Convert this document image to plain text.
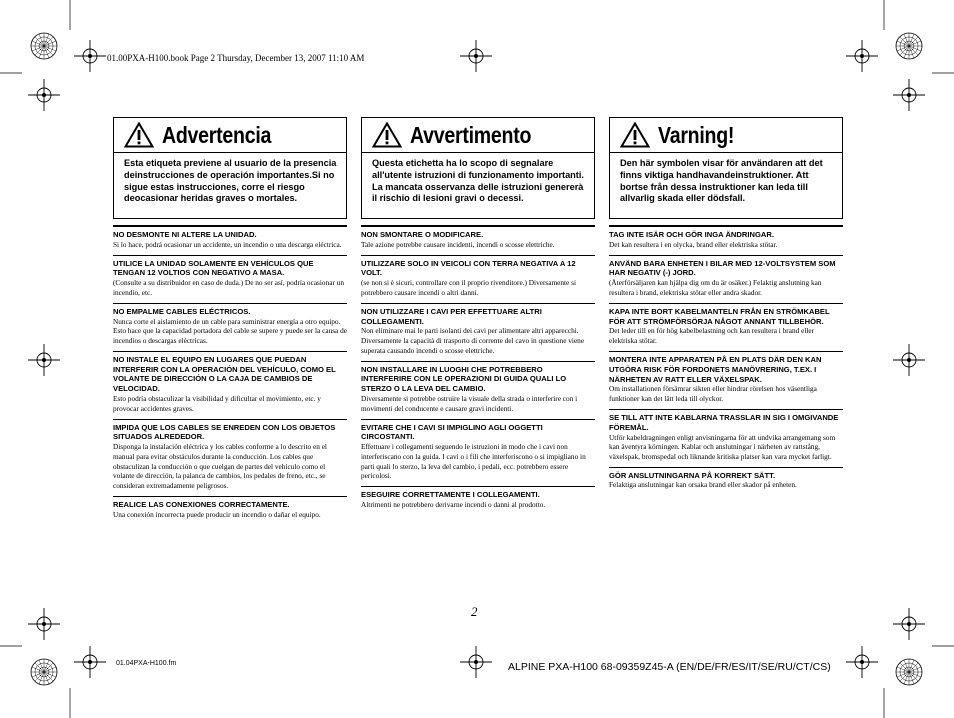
01.00PXA-H100.book Page 2 Thursday, December 13, 2007 11:10 AM
Advertencia
Esta etiqueta previene al usuario de la presencia deinstrucciones de operación importantes.Si no sigue estas instrucciones, corre el riesgo deocasionar heridas graves o mortales.
NO DESMONTE NI ALTERE LA UNIDAD.
Si lo hace, podrá ocasionar un accidente, un incendio o una descarga eléctrica.
UTILICE LA UNIDAD SOLAMENTE EN VEHÍCULOS QUE TENGAN 12 VOLTIOS CON NEGATIVO A MASA.
(Consulte a su distribuidor en caso de duda.) De no ser así, podría ocasionar un incendio, etc.
NO EMPALME CABLES ELÉCTRICOS.
Nunca corte el aislamiento de un cable para suministrar energía a otro equipo. Esto hace que la capacidad portadora del cable se supere y puede ser la causa de incendios o descargas eléctricas.
NO INSTALE EL EQUIPO EN LUGARES QUE PUEDAN INTERFERIR CON LA OPERACIÓN DEL VEHÍCULO, COMO EL VOLANTE DE DIRECCIÓN O LA CAJA DE CAMBIOS DE VELOCIDAD.
Esto podría obstaculizar la visibilidad y dificultar el movimiento, etc. y provocar accidentes graves.
IMPIDA QUE LOS CABLES SE ENREDEN CON LOS OBJETOS SITUADOS ALREDEDOR.
Disponga la instalación eléctrica y los cables conforme a lo descrito en el manual para evitar obstáculos durante la conducción. Los cables que obstaculizan la conducción o que cuelgan de partes del vehículo como el volante de dirección, la palanca de cambios, los pedales de freno, etc., se consideran extremadamente peligrosos.
REALICE LAS CONEXIONES CORRECTAMENTE.
Una conexión incorrecta puede producir un incendio o dañar el equipo.
Avvertimento
Questa etichetta ha lo scopo di segnalare all'utente istruzioni di funzionamento importanti. La mancata osservanza delle istruzioni genererà il rischio di lesioni gravi o decessi.
NON SMONTARE O MODIFICARE.
Tale azione potrebbe causare incidenti, incendi o scosse elettriche.
UTILIZZARE SOLO IN VEICOLI CON TERRA NEGATIVA A 12 VOLT.
(se non si è sicuri, controllare con il proprio rivenditore.) Diversamente si potrebbero causare incendi o altri danni.
NON UTILIZZARE I CAVI PER EFFETTUARE ALTRI COLLEGAMENTI.
Non eliminare mai le parti isolanti dei cavi per alimentare altri apparecchi. Diversamente la capacità di trasporto di corrente del cavo in questione viene superata causando incendi o scosse elettriche.
NON INSTALLARE IN LUOGHI CHE POTREBBERO INTERFERIRE CON LE OPERAZIONI DI GUIDA QUALI LO STERZO O LA LEVA DEL CAMBIO.
Diversamente si potrebbe ostruire la visuale della strada o interferire con i movimenti del conducente e causare gravi incidenti.
EVITARE CHE I CAVI SI IMPIGLINO AGLI OGGETTI CIRCOSTANTI.
Effettuare i collegamenti seguendo le istruzioni in modo che i cavi non interferiscano con la guida. I cavi o i fili che interferiscono o si impigliano in parti quali lo sterzo, la leva del cambio, i pedali, ecc. potrebbero essere pericolosi.
ESEGUIRE CORRETTAMENTE I COLLEGAMENTI.
Altrimenti ne potrebbero derivarne incendi o danni al prodotto.
Varning!
Den här symbolen visar för användaren att det finns viktiga handhavandeinstruktioner. Att bortse från dessa instruktioner kan leda till allvarlig skada eller dödsfall.
TAG INTE ISÄR OCH GÖR INGA ÄNDRINGAR.
Det kan resultera i en olycka, brand eller elektriska stötar.
ANVÄND BARA ENHETEN I BILAR MED 12-VOLTSYSTEM SOM HAR NEGATIV (-) JORD.
(Återförsäljaren kan hjälpa dig om du är osäker.) Felaktig anslutning kan resultera i brand, elektriska stötar eller andra skador.
KAPA INTE BORT KABELMANTELN FRÅN EN STRÖMKABEL FÖR ATT STRÖMFÖRSÖRJA NÅGOT ANNANT TILLBEHÖR.
Det leder till en för hög kabelbelastning och kan resultera i brand eller elektriska stötar.
MONTERA INTE APPARATEN PÅ EN PLATS DÄR DEN KAN UTGÖRA RISK FÖR FORDONETS MANÖVRERING, T.EX. I NÄRHETEN AV RATT ELLER VÄXELSPAK.
Om installationen försämrar sikten eller hindrar rörelsen hos väsentliga funktioner kan det lätt leda till olyckor.
SE TILL ATT INTE KABLARNA TRASSLAR IN SIG I OMGIVANDE FÖREMÅL.
Utför kabeldragningen enligt anvisningarna för att undvika arrangemang som kan äventyra körningen. Kablar och anslutningar i närheten av rattstång, växelspak, bromspedal och liknande kritiska platser kan vara mycket farligt.
GÖR ANSLUTNINGARNA PÅ KORREKT SÄTT.
Felaktiga anslutningar kan orsaka brand eller skador på enheten.
2
01.04PXA-H100.fm	ALPINE PXA-H100 68-09359Z45-A (EN/DE/FR/ES/IT/SE/RU/CT/CS)
